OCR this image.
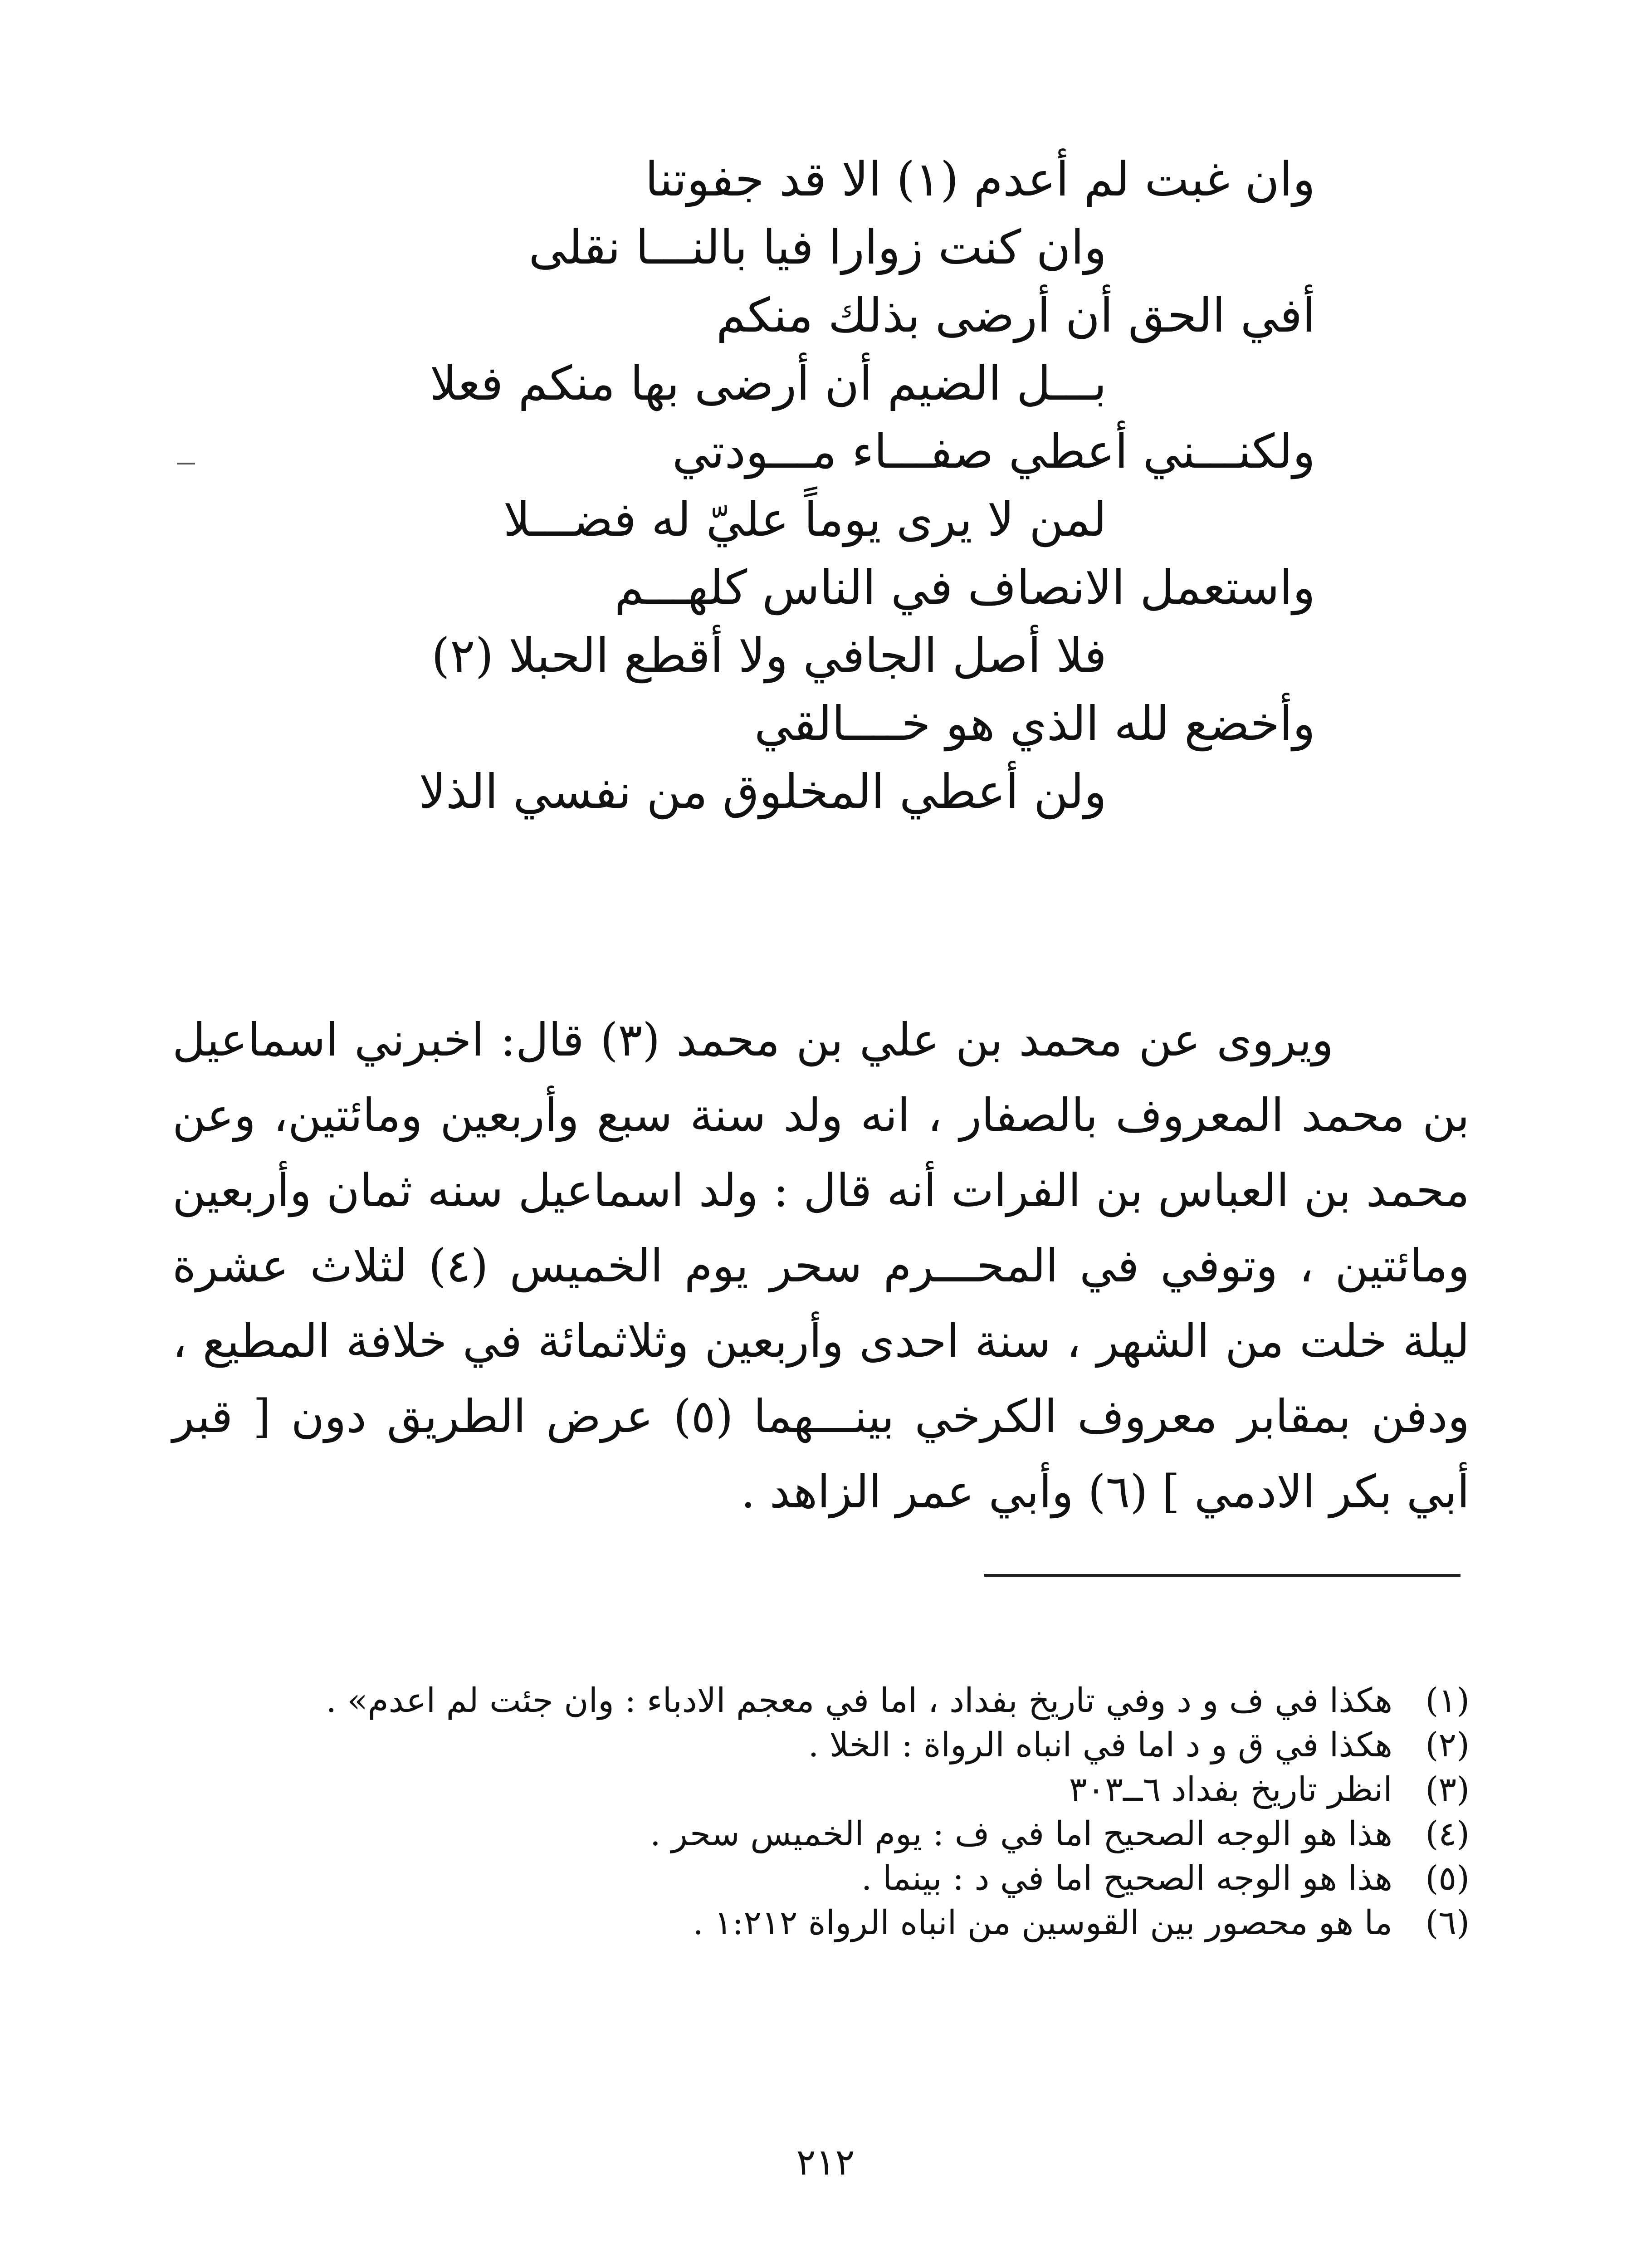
وان غبت لم أعدم (١) الا قد جفوتنا
وان كنت زوارا فيا بالنـــا نقلى
أفي الحق أن أرضى بذلك منكم
بـــل الضيم أن أرضى بها منكم فعلا
ولكنـــني أعطي صفـــاء مـــودتي
لمن لا يرى يوماً عليّ له فضـــلا
واستعمل الانصاف في الناس كلهـــم
فلا أصل الجافي ولا أقطع الحبلا (٢)
وأخضع لله الذي هو خــــالقي
ولن أعطي المخلوق من نفسي الذلا

ويروى عن محمد بن علي بن محمد (٣) قال: اخبرني اسماعيل بن محمد المعروف بالصفار ، انه ولد سنة سبع وأربعين ومائتين، وعن محمد بن العباس بن الفرات أنه قال : ولد اسماعيل سنه ثمان وأربعين ومائتين ، وتوفي في المحـــرم سحر يوم الخميس (٤) لثلاث عشرة ليلة خلت من الشهر ، سنة احدى وأربعين وثلاثمائة في خلافة المطيع ، ودفن بمقابر معروف الكرخي بينـــهما (٥) عرض الطريق دون [ قبر أبي بكر الادمي ] (٦) وأبي عمر الزاهد .

(١)
هكذا في ف و د وفي تاريخ بفداد ، اما في معجم الادباء : وان جئت لم اعدم» .
(٢)
هكذا في ق و د اما في انباه الرواة : الخلا .
(٣)
انظر تاريخ بفداد ٦ــ٣٠٣
(٤)
هذا هو الوجه الصحيح اما في ف : يوم الخميس سحر .
(٥)
هذا هو الوجه الصحيح اما في د : بينما .
(٦)
ما هو محصور بين القوسين من انباه الرواة ١:٢١٢ .
٢١٢
